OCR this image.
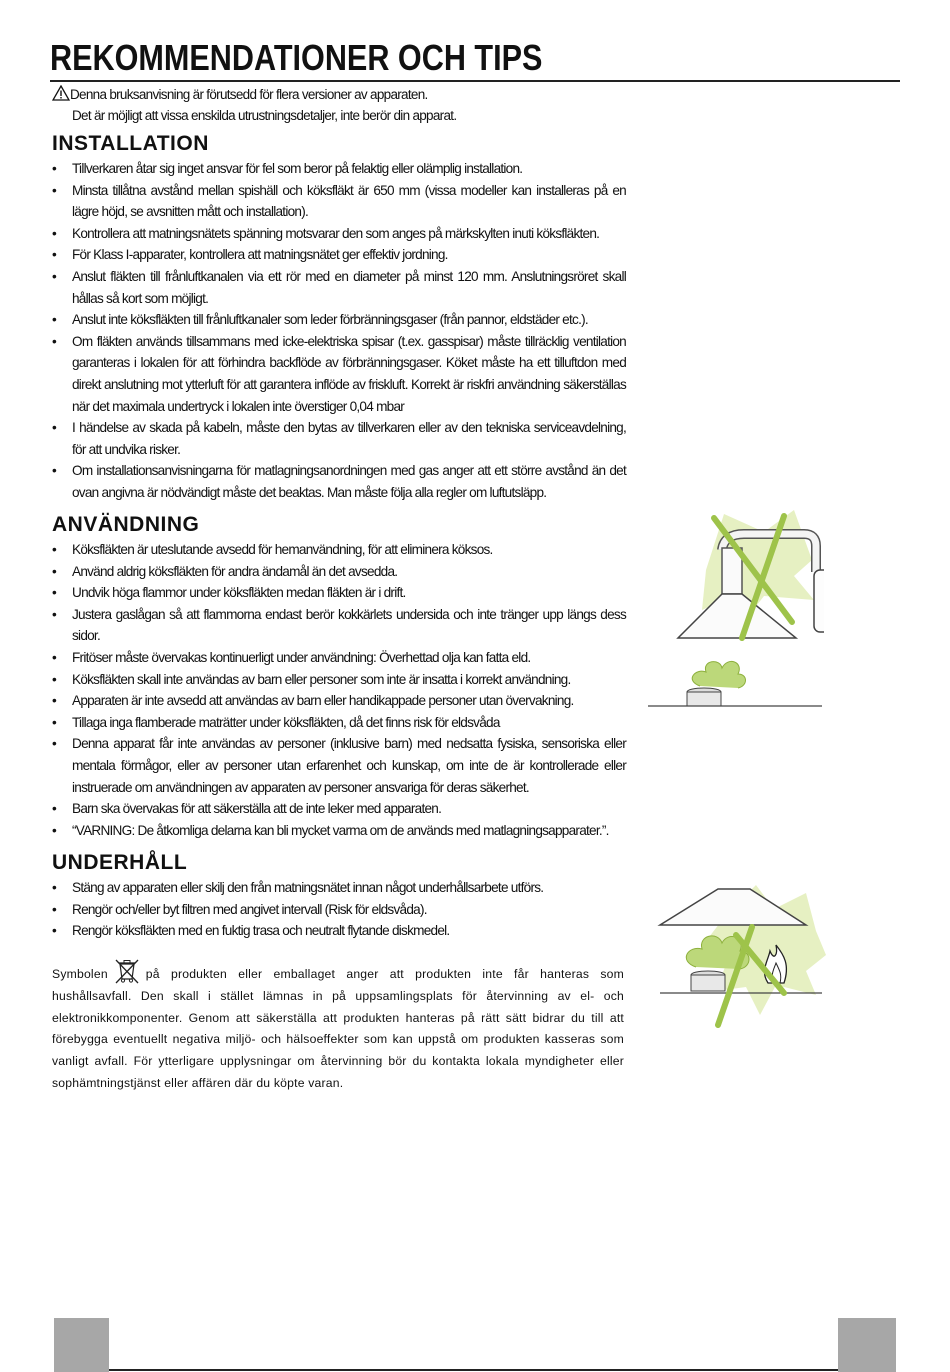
REKOMMENDATIONER OCH TIPS
Denna bruksanvisning är förutsedd för flera versioner av apparaten.
Det är möjligt att vissa enskilda utrustningsdetaljer, inte berör din apparat.
INSTALLATION
• Tillverkaren åtar sig inget ansvar för fel som beror på felaktig eller olämplig installation.
• Minsta tillåtna avstånd mellan spishäll och köksfläkt är 650 mm (vissa modeller kan installeras på en lägre höjd, se avsnitten mått och installation).
• Kontrollera att matningsnätets spänning motsvarar den som anges på märkskylten inuti köksfläkten.
• För Klass I-apparater, kontrollera att matningsnätet ger effektiv jordning.
• Anslut fläkten till frånluftkanalen via ett rör med en diameter på minst 120 mm. Anslutningsröret skall hållas så kort som möjligt.
• Anslut inte köksfläkten till frånluftkanaler som leder förbränningsgaser (från pannor, eldstäder etc.).
• Om fläkten används tillsammans med icke-elektriska spisar (t.ex. gasspisar) måste tillräcklig ventilation garanteras i lokalen för att förhindra backflöde av förbränningsgaser. Köket måste ha ett tilluftdon med direkt anslutning mot ytterluft för att garantera inflöde av friskluft. Korrekt är riskfri användning säkerställas när det maximala undertryck i lokalen inte överstiger 0,04 mbar
• I händelse av skada på kabeln, måste den bytas av tillverkaren eller av den tekniska serviceavdelning, för att undvika risker.
• Om installationsanvisningarna för matlagningsanordningen med gas anger att ett större avstånd än det ovan angivna är nödvändigt måste det beaktas. Man måste följa alla regler om luftutsläpp.
ANVÄNDNING
• Köksfläkten är uteslutande avsedd för hemanvändning, för att eliminera köksos.
• Använd aldrig köksfläkten för andra ändamål än det avsedda.
• Undvik höga flammor under köksfläkten medan fläkten är i drift.
• Justera gaslågan så att flammorna endast berör kokkärlets undersida och inte tränger upp längs dess sidor.
• Fritöser måste övervakas kontinuerligt under användning: Överhettad olja kan fatta eld.
• Köksfläkten skall inte användas av barn eller personer som inte är insatta i korrekt användning.
• Apparaten är inte avsedd att användas av barn eller handikappade personer utan övervakning.
• Tillaga inga flamberade maträtter under köksfläkten, då det finns risk för eldsvåda
• Denna apparat får inte användas av personer (inklusive barn) med nedsatta fysiska, sensoriska eller mentala förmågor, eller av personer utan erfarenhet och kunskap, om inte de är kontrollerade eller instruerade om användningen av apparaten av personer ansvariga för deras säkerhet.
• Barn ska övervakas för att säkerställa att de inte leker med apparaten.
• “VARNING: De åtkomliga delarna kan bli mycket varma om de används med matlagningsapparater.”.
UNDERHÅLL
• Stäng av apparaten eller skilj den från matningsnätet innan något underhållsarbete utförs.
• Rengör och/eller byt filtren med angivet intervall (Risk för eldsvåda).
• Rengör köksfläkten med en fuktig trasa och neutralt flytande diskmedel.
Symbolen	på produkten eller emballaget anger att produkten inte får hanteras som hushållsavfall. Den skall i stället lämnas in på uppsamlingsplats för återvinning av el- och elektronikkomponenter. Genom att säkerställa att produkten hanteras på rätt sätt bidrar du till att förebygga eventuellt negativa miljö- och hälsoeffekter som kan uppstå om produkten kasseras som vanligt avfall. För ytterligare upplysningar om återvinning bör du kontakta lokala myndigheter eller sophämtningstjänst eller affären där du köpte varan.
